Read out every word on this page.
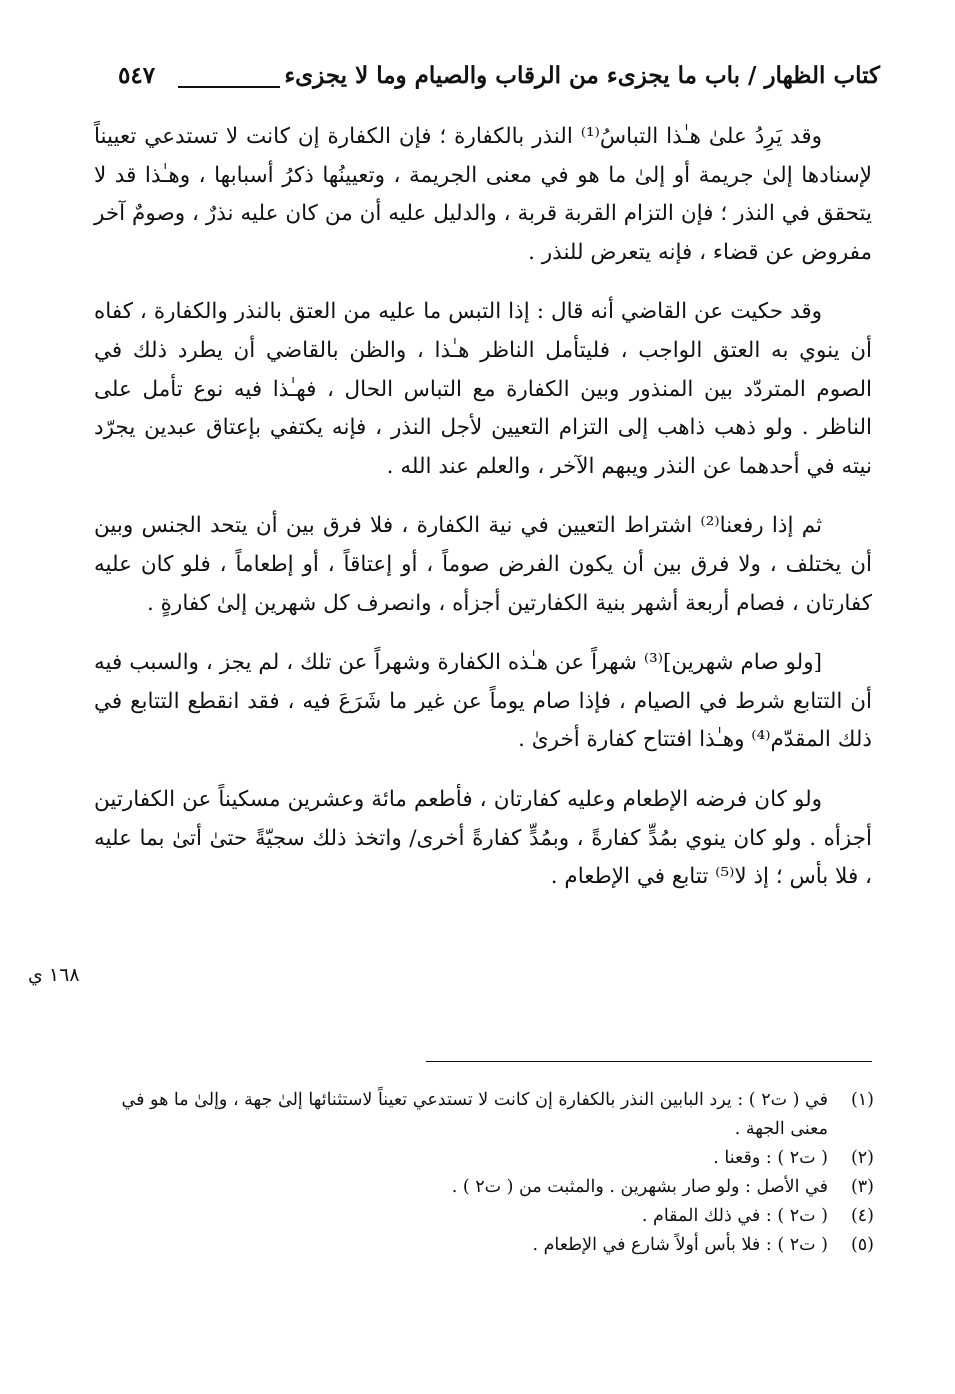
كتاب الظهار / باب ما يجزىء من الرقاب والصيام وما لا يجزىء
٥٤٧

وقد يَرِدُ علىٰ هـٰذا التباسُ⁽¹⁾ النذر بالكفارة ؛ فإن الكفارة إن كانت لا تستدعي تعييناً لإسنادها إلىٰ جريمة أو إلىٰ ما هو في معنى الجريمة ، وتعيينُها ذكرُ أسبابها ، وهـٰذا قد لا يتحقق في النذر ؛ فإن التزام القربة قربة ، والدليل عليه أن من كان عليه نذرٌ ، وصومٌ آخر مفروض عن قضاء ، فإنه يتعرض للنذر .

وقد حكيت عن القاضي أنه قال : إذا التبس ما عليه من العتق بالنذر والكفارة ، كفاه أن ينوي به العتق الواجب ، فليتأمل الناظر هـٰذا ، والظن بالقاضي أن يطرد ذلك في الصوم المتردّد بين المنذور وبين الكفارة مع التباس الحال ، فهـٰذا فيه نوع تأمل على الناظر . ولو ذهب ذاهب إلى التزام التعيين لأجل النذر ، فإنه يكتفي بإعتاق عبدين يجرّد نيته في أحدهما عن النذر ويبهم الآخر ، والعلم عند الله .

ثم إذا رفعنا⁽²⁾ اشتراط التعيين في نية الكفارة ، فلا فرق بين أن يتحد الجنس وبين أن يختلف ، ولا فرق بين أن يكون الفرض صوماً ، أو إعتاقاً ، أو إطعاماً ، فلو كان عليه كفارتان ، فصام أربعة أشهر بنية الكفارتين أجزأه ، وانصرف كل شهرين إلىٰ كفارةٍ .

[ولو صام شهرين]⁽³⁾ شهراً عن هـٰذه الكفارة وشهراً عن تلك ، لم يجز ، والسبب فيه أن التتابع شرط في الصيام ، فإذا صام يوماً عن غير ما شَرَعَ فيه ، فقد انقطع التتابع في ذلك المقدّم⁽⁴⁾ وهـٰذا افتتاح كفارة أخرىٰ .

ولو كان فرضه الإطعام وعليه كفارتان ، فأطعم مائة وعشرين مسكيناً عن الكفارتين أجزأه . ولو كان ينوي بمُدٍّ كفارةً ، وبمُدٍّ كفارةً أخرى/ واتخذ ذلك سجيّةً حتىٰ أتىٰ بما عليه ، فلا بأس ؛ إذ لا⁽⁵⁾ تتابع في الإطعام .

١٦٨ ي
(١)
في ( ت٢ ) : يرد البابين النذر بالكفارة إن كانت لا تستدعي تعيناً لاستثنائها إلىٰ جهة ، وإلىٰ ما هو في معنى الجهة .
(٢)
( ت٢ ) : وقعنا .
(٣)
في الأصل : ولو صار بشهرين . والمثبت من ( ت٢ ) .
(٤)
( ت٢ ) : في ذلك المقام .
(٥)
( ت٢ ) : فلا بأس أولاً شارع في الإطعام .
